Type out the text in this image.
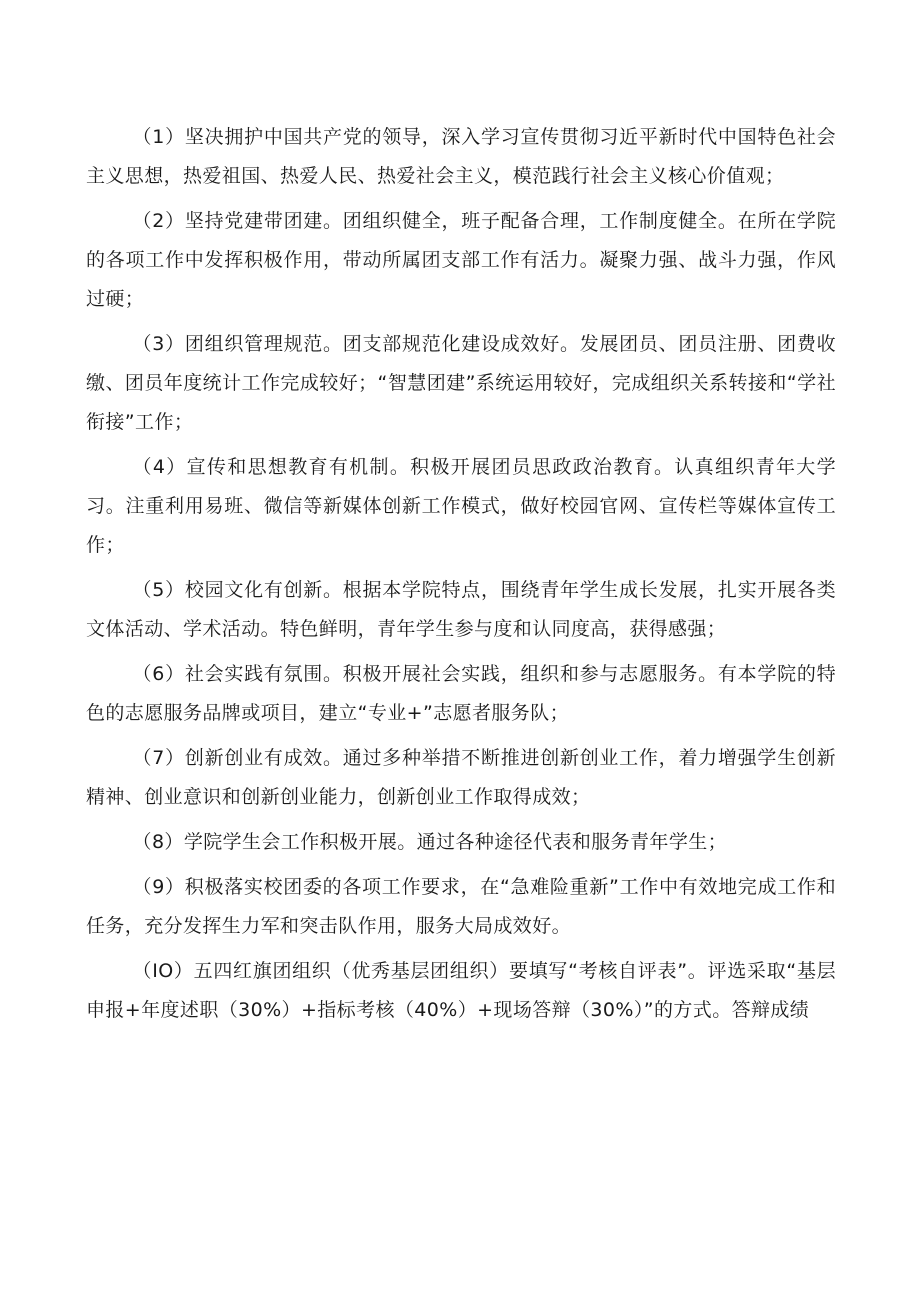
（1）坚决拥护中国共产党的领导，深入学习宣传贯彻习近平新时代中国特色社会主义思想，热爱祖国、热爱人民、热爱社会主义，模范践行社会主义核心价值观；

（2）坚持党建带团建。团组织健全，班子配备合理，工作制度健全。在所在学院的各项工作中发挥积极作用，带动所属团支部工作有活力。凝聚力强、战斗力强，作风过硬；

（3）团组织管理规范。团支部规范化建设成效好。发展团员、团员注册、团费收缴、团员年度统计工作完成较好；“智慧团建”系统运用较好，完成组织关系转接和“学社衔接”工作；

（4）宣传和思想教育有机制。积极开展团员思政政治教育。认真组织青年大学习。注重利用易班、微信等新媒体创新工作模式，做好校园官网、宣传栏等媒体宣传工作；

（5）校园文化有创新。根据本学院特点，围绕青年学生成长发展，扎实开展各类文体活动、学术活动。特色鲜明，青年学生参与度和认同度高，获得感强；

（6）社会实践有氛围。积极开展社会实践，组织和参与志愿服务。有本学院的特色的志愿服务品牌或项目，建立“专业+”志愿者服务队；

（7）创新创业有成效。通过多种举措不断推进创新创业工作，着力增强学生创新精神、创业意识和创新创业能力，创新创业工作取得成效；

（8）学院学生会工作积极开展。通过各种途径代表和服务青年学生；

（9）积极落实校团委的各项工作要求，在“急难险重新”工作中有效地完成工作和任务，充分发挥生力军和突击队作用，服务大局成效好。

（IO）五四红旗团组织（优秀基层团组织）要填写“考核自评表”。评选采取“基层申报+年度述职（30%）+指标考核（40%）+现场答辩（30%）”的方式。答辩成绩
